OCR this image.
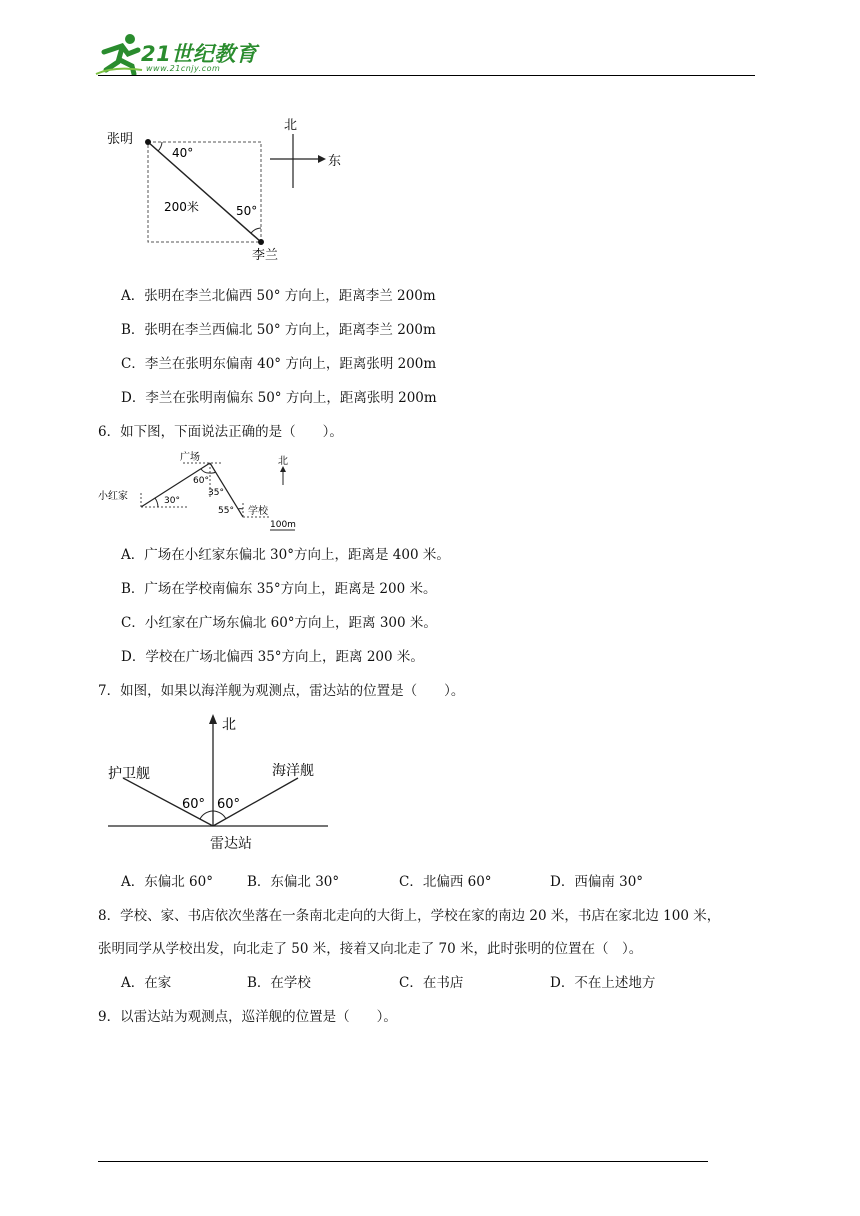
21世纪教育
www.21cnjy.com
张明
李兰
40°
50°
200米
北
东
A．张明在李兰北偏西 50° 方向上，距离李兰 200m
B．张明在李兰西偏北 50° 方向上，距离李兰 200m
C．李兰在张明东偏南 40° 方向上，距离张明 200m
D．李兰在张明南偏东 50° 方向上，距离张明 200m
6．如下图，下面说法正确的是（　　）。
广场
小红家
学校
60°
35°
30°
55°
北
100m
A．广场在小红家东偏北 30°方向上，距离是 400 米。
B．广场在学校南偏东 35°方向上，距离是 200 米。
C．小红家在广场东偏北 60°方向上，距离 300 米。
D．学校在广场北偏西 35°方向上，距离 200 米。
7．如图，如果以海洋舰为观测点，雷达站的位置是（　　）。
北
护卫舰	海洋舰
雷达站
60° 60°
A．东偏北 60°	B．东偏北 30°	C．北偏西 60°	D．西偏南 30°
8．学校、家、书店依次坐落在一条南北走向的大街上，学校在家的南边 20 米，书店在家北边 100 米，
张明同学从学校出发，向北走了 50 米，接着又向北走了 70 米，此时张明的位置在（　）。
A．在家	B．在学校	C．在书店	D．不在上述地方
9．以雷达站为观测点，巡洋舰的位置是（　　）。
